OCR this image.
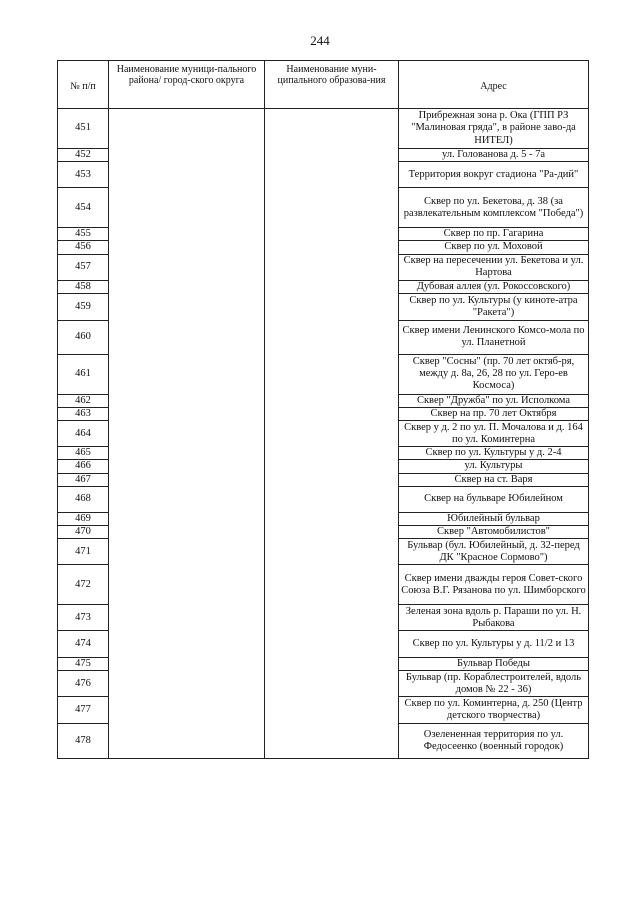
244
№ п/п	Наименование муници-пального района/ город-ского округа	Наименование муни-ципального образова-ния	Адрес
451			Прибрежная зона р. Ока (ГПП РЗ "Малиновая гряда", в районе заво-да НИТЕЛ)
452			ул. Голованова д. 5 - 7а
453			Территория вокруг стадиона "Ра-дий"
454			Сквер по ул. Бекетова, д. 38 (за развлекательным комплексом "Победа")
455			Сквер по пр. Гагарина
456			Сквер по ул. Моховой
457			Сквер на пересечении ул. Бекетова и ул. Нартова
458			Дубовая аллея (ул. Рокоссовского)
459			Сквер по ул. Культуры (у киноте-атра "Ракета")
460			Сквер имени Ленинского Комсо-мола по ул. Планетной
461			Сквер "Сосны" (пр. 70 лет октяб-ря, между д. 8а, 26, 28 по ул. Геро-ев Космоса)
462			Сквер "Дружба" по ул. Исполкома
463			Сквер на пр. 70 лет Октября
464			Сквер у д. 2 по ул. П. Мочалова и д. 164 по ул. Коминтерна
465			Сквер по ул. Культуры у д. 2-4
466			ул. Культуры
467			Сквер на ст. Варя
468			Сквер на бульваре Юбилейном
469			Юбилейный бульвар
470			Сквер "Автомобилистов"
471			Бульвар (бул. Юбилейный, д. 32-перед ДК "Красное Сормово")
472			Сквер имени дважды героя Совет-ского Союза В.Г. Рязанова по ул. Шимборского
473			Зеленая зона вдоль р. Параши по ул. Н. Рыбакова
474			Сквер по ул. Культуры у д. 11/2 и 13
475			Бульвар Победы
476			Бульвар (пр. Кораблестроителей, вдоль домов № 22 - 36)
477			Сквер по ул. Коминтерна, д. 250 (Центр детского творчества)
478			Озелененная территория по ул. Федосеенко (военный городок)
